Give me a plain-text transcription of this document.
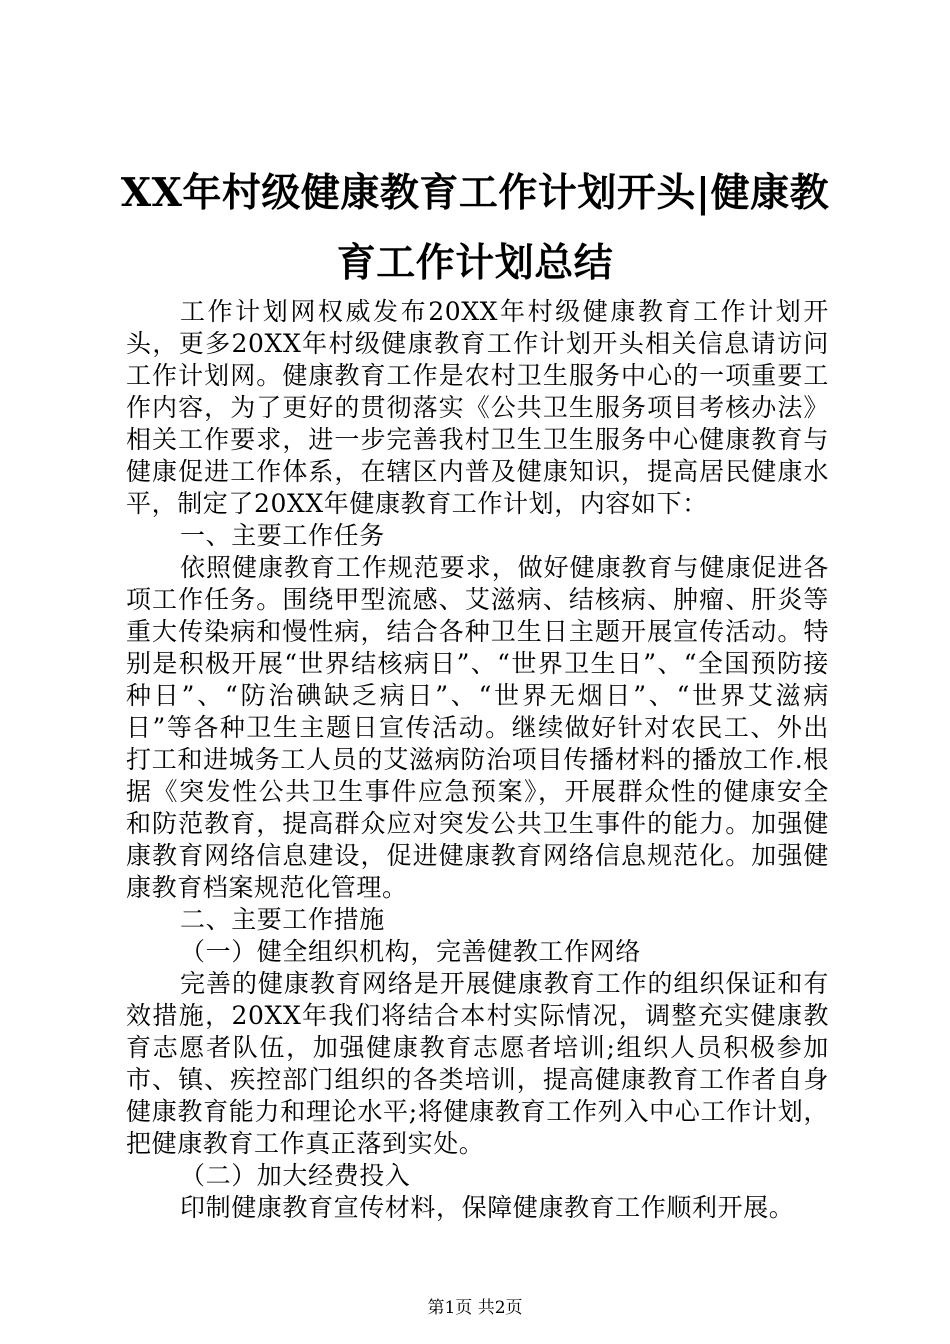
XX年村级健康教育工作计划开头|健康教育工作计划总结

工作计划网权威发布20XX年村级健康教育工作计划开头，更多20XX年村级健康教育工作计划开头相关信息请访问工作计划网。健康教育工作是农村卫生服务中心的一项重要工作内容，为了更好的贯彻落实《公共卫生服务项目考核办法》相关工作要求，进一步完善我村卫生卫生服务中心健康教育与健康促进工作体系，在辖区内普及健康知识，提高居民健康水平，制定了20XX年健康教育工作计划，内容如下：

一、主要工作任务

依照健康教育工作规范要求，做好健康教育与健康促进各项工作任务。围绕甲型流感、艾滋病、结核病、肿瘤、肝炎等重大传染病和慢性病，结合各种卫生日主题开展宣传活动。特别是积极开展“世界结核病日”、“世界卫生日”、“全国预防接种日”、“防治碘缺乏病日”、“世界无烟日”、“世界艾滋病日”等各种卫生主题日宣传活动。继续做好针对农民工、外出打工和进城务工人员的艾滋病防治项目传播材料的播放工作.根据《突发性公共卫生事件应急预案》，开展群众性的健康安全和防范教育，提高群众应对突发公共卫生事件的能力。加强健康教育网络信息建设，促进健康教育网络信息规范化。加强健康教育档案规范化管理。

二、主要工作措施

（一）健全组织机构，完善健教工作网络

完善的健康教育网络是开展健康教育工作的组织保证和有效措施，20XX年我们将结合本村实际情况，调整充实健康教育志愿者队伍，加强健康教育志愿者培训;组织人员积极参加市、镇、疾控部门组织的各类培训，提高健康教育工作者自身健康教育能力和理论水平;将健康教育工作列入中心工作计划，把健康教育工作真正落到实处。

（二）加大经费投入

印制健康教育宣传材料，保障健康教育工作顺利开展。

第1页 共2页
